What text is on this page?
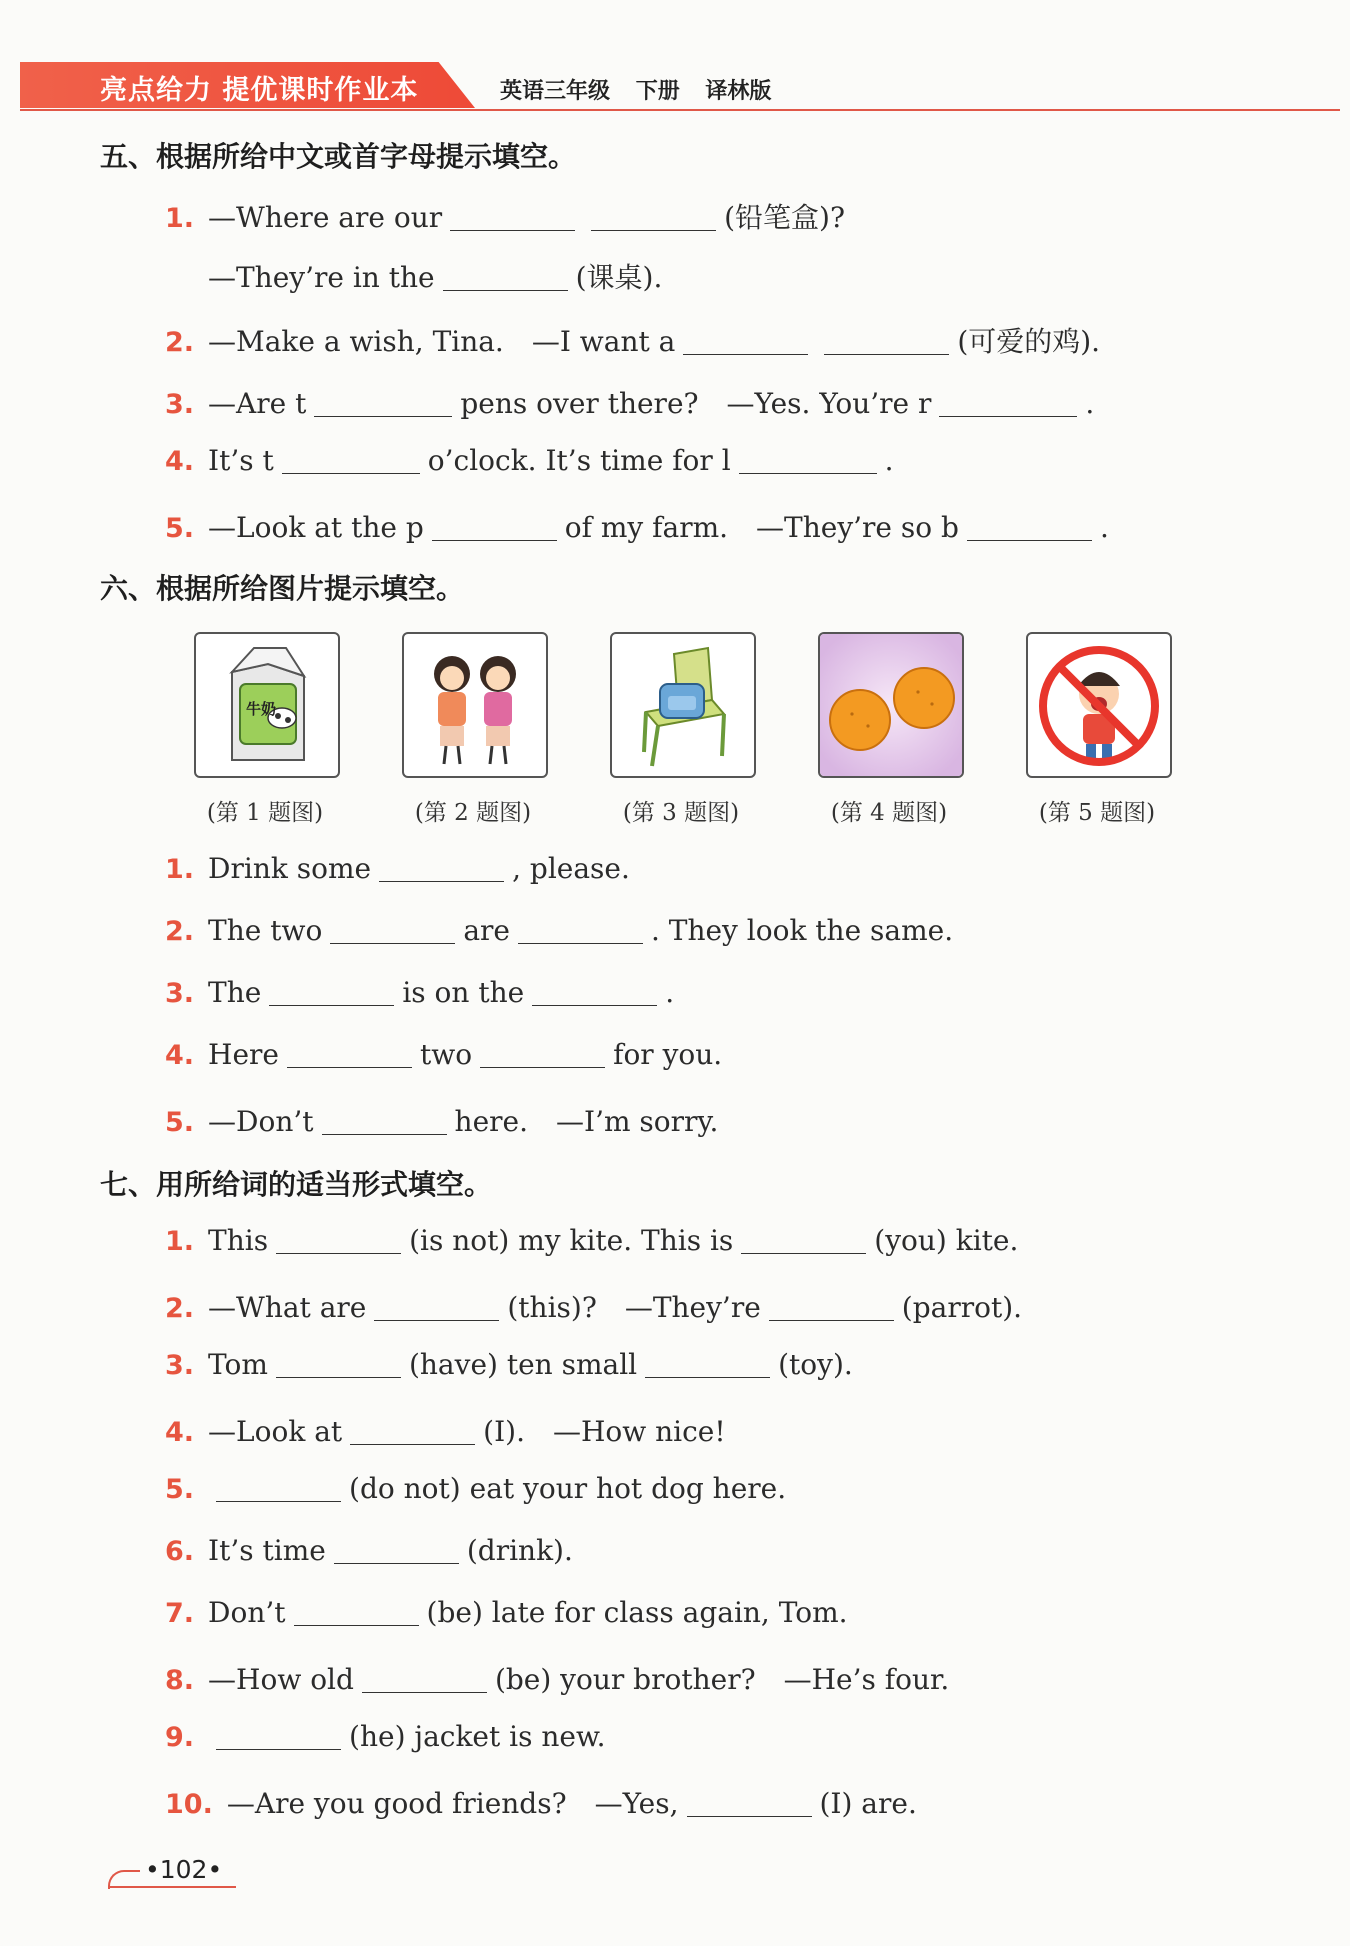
亮点给力 提优课时作业本	英语三年级 下册 译林版
五、根据所给中文或首字母提示填空。
1. —Where are our	(铅笔盒)?
—They’re in the	(课桌).
2. —Make a wish, Tina.　—I want a	(可爱的鸡).
3. —Are t	pens over there?　—Yes. You’re r	.
4. It’s t	o’clock. It’s time for l	.
5. —Look at the p	of my farm.　—They’re so b	.
六、根据所给图片提示填空。
牛奶
(第 1 题图)	(第 2 题图)	(第 3 题图)	(第 4 题图)	(第 5 题图)
1. Drink some	, please.
2. The two	are	. They look the same.
3. The	is on the	.
4. Here	two	for you.
5. —Don’t	here.　—I’m sorry.
七、用所给词的适当形式填空。
1. This	(is not) my kite. This is	(you) kite.
2. —What are	(this)?　—They’re	(parrot).
3. Tom	(have) ten small	(toy).
4. —Look at	(I).　—How nice!
5.	(do not) eat your hot dog here.
6. It’s time	(drink).
7. Don’t	(be) late for class again, Tom.
8. —How old	(be) your brother?　—He’s four.
9.	(he) jacket is new.
10. —Are you good friends?　—Yes,	(I) are.
•102•
